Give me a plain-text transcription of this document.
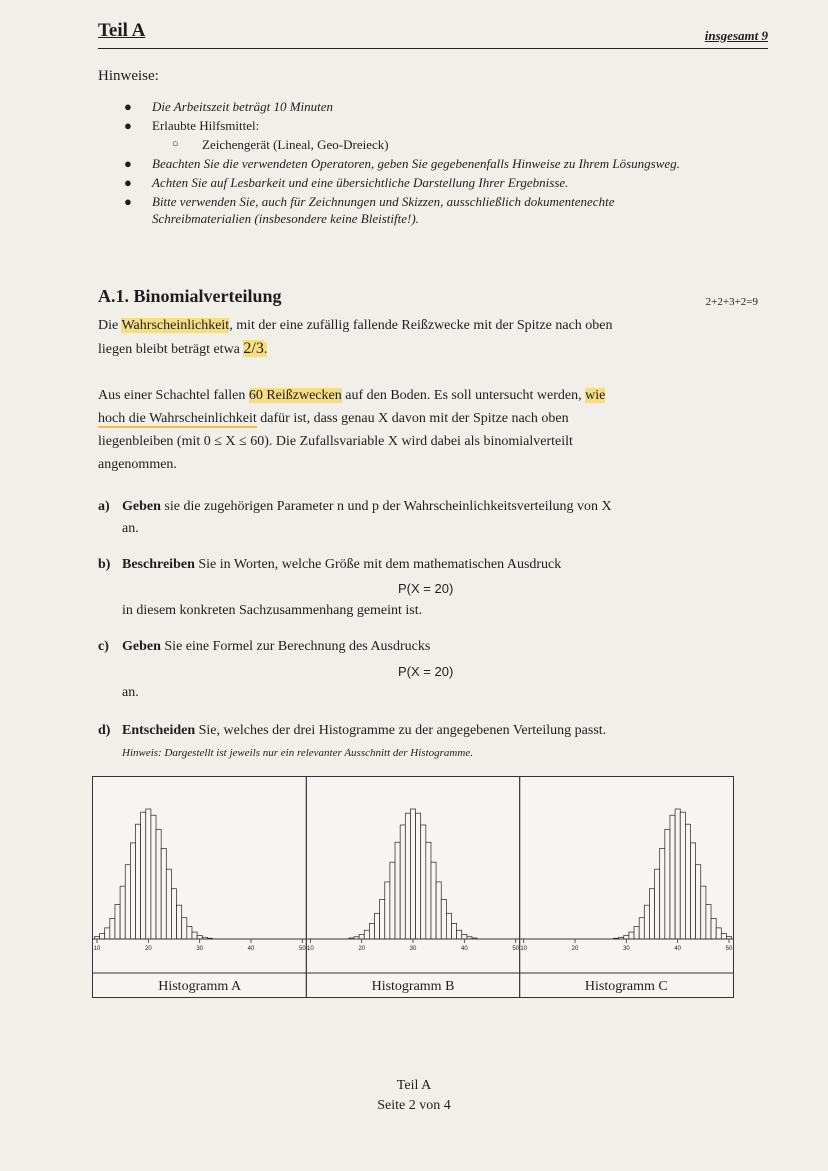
Teil A	insgesamt 9
Hinweise:
● Die Arbeitszeit beträgt 10 Minuten
● Erlaubte Hilfsmittel:
○ Zeichengerät (Lineal, Geo-Dreieck)
● Beachten Sie die verwendeten Operatoren, geben Sie gegebenenfalls Hinweise zu Ihrem Lösungsweg.
● Achten Sie auf Lesbarkeit und eine übersichtliche Darstellung Ihrer Ergebnisse.
● Bitte verwenden Sie, auch für Zeichnungen und Skizzen, ausschließlich dokumentenechte
Schreibmaterialien (insbesondere keine Bleistifte!).
A.1. Binomialverteilung	2+2+3+2=9
Die Wahrscheinlichkeit, mit der eine zufällig fallende Reißzwecke mit der Spitze nach oben
liegen bleibt beträgt etwa 2/3.
Aus einer Schachtel fallen 60 Reißzwecken auf den Boden. Es soll untersucht werden, wie
hoch die Wahrscheinlichkeit dafür ist, dass genau X davon mit der Spitze nach oben
liegenbleiben (mit 0 ≤ X ≤ 60). Die Zufallsvariable X wird dabei als binomialverteilt
angenommen.
a) Geben sie die zugehörigen Parameter n und p der Wahrscheinlichkeitsverteilung von X
an.
b) Beschreiben Sie in Worten, welche Größe mit dem mathematischen Ausdruck
P(X = 20)
in diesem konkreten Sachzusammenhang gemeint ist.
c) Geben Sie eine Formel zur Berechnung des Ausdrucks
P(X = 20)
an.
d) Entscheiden Sie, welches der drei Histogramme zu der angegebenen Verteilung passt.
Hinweis: Dargestellt ist jeweils nur ein relevanter Ausschnitt der Histogramme.
10	20	30	40	50
Histogramm A
10	20	30	40	50
Histogramm B
10	20	30	40	50
Histogramm C
Teil A
Seite 2 von 4
